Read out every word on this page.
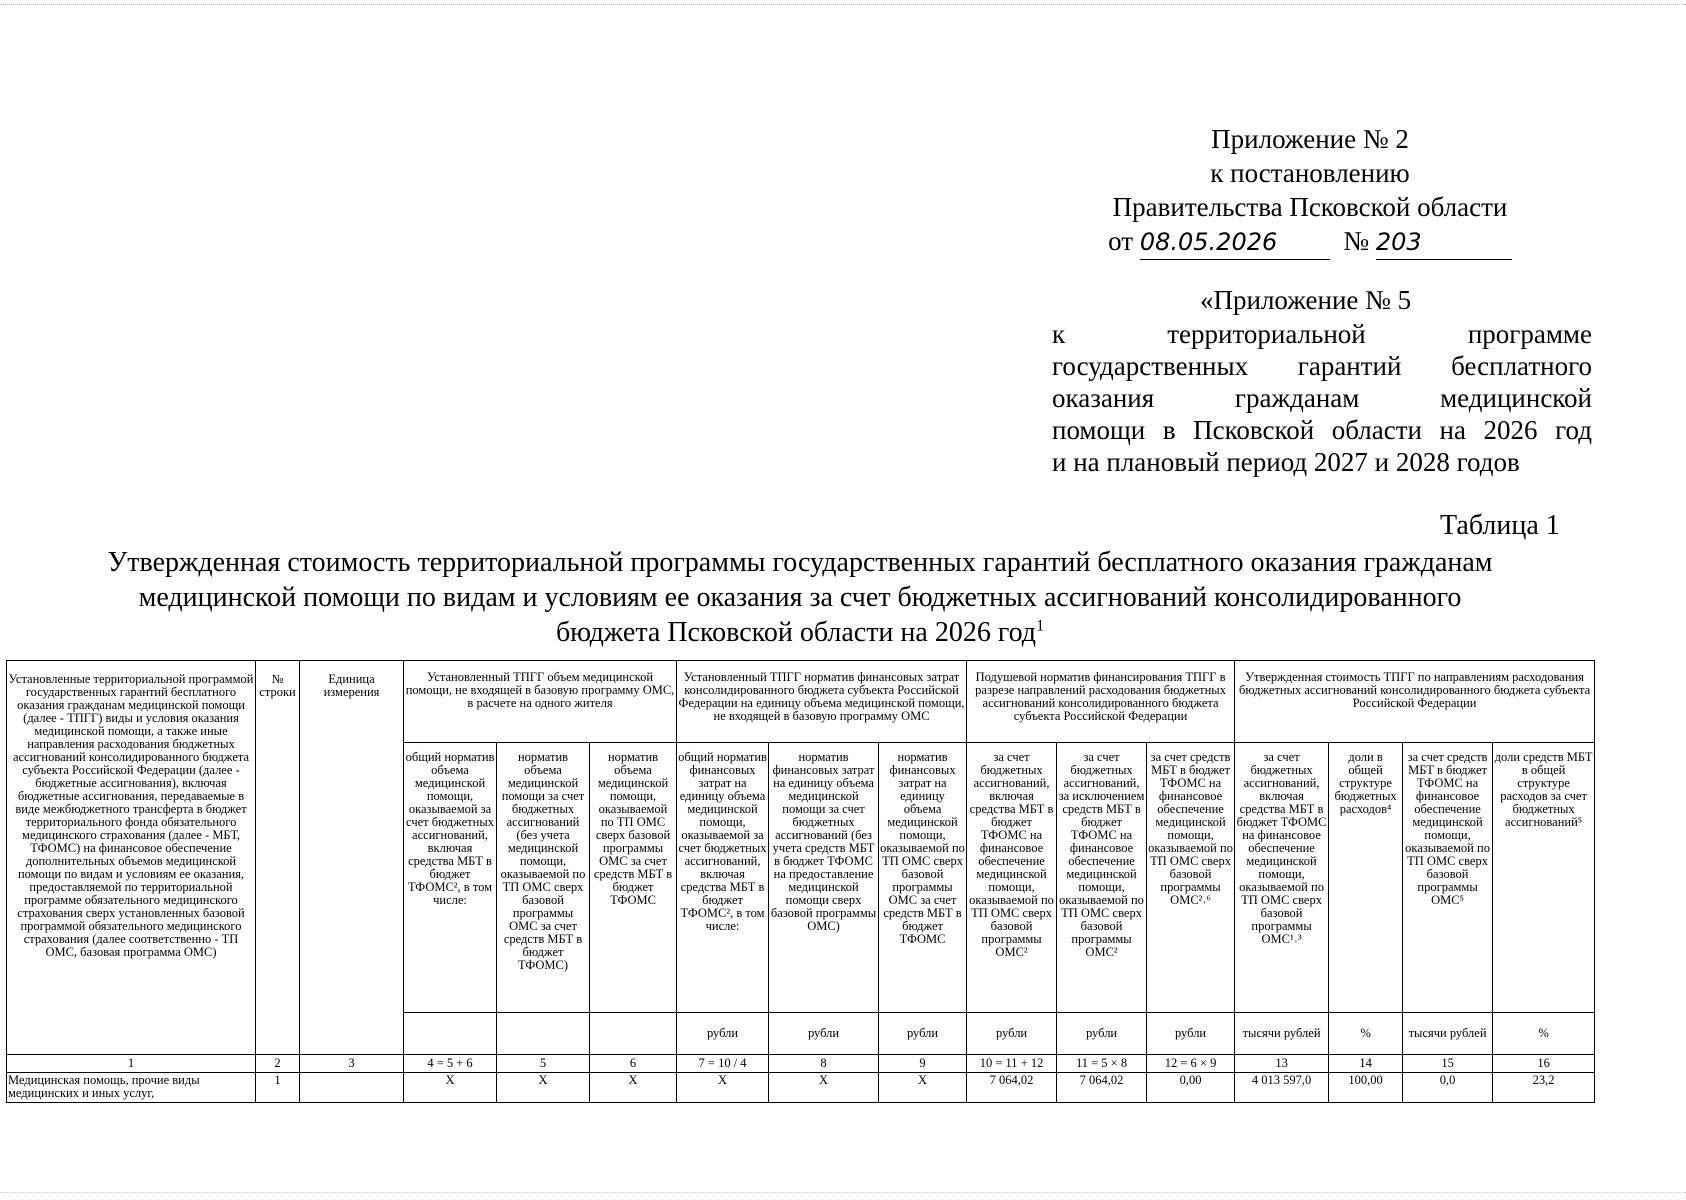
Приложение № 2
к постановлению
Правительства Псковской области
от 08.05.2026 № 203
«Приложение № 5
к территориальной программе
государственных гарантий бесплатного
оказания гражданам медицинской
помощи в Псковской области на 2026 год
и на плановый период 2027 и 2028 годов
Таблица 1
Утвержденная стоимость территориальной программы государственных гарантий бесплатного оказания гражданам
медицинской помощи по видам и условиям ее оказания за счет бюджетных ассигнований консолидированного
бюджета Псковской области на 2026 год$^1$
Установленные территориальной программой государственных гарантий бесплатного оказания гражданам медицинской помощи (далее - ТПГГ) виды и условия оказания медицинской помощи, а также иные направления расходования бюджетных ассигнований консолидированного бюджета субъекта Российской Федерации (далее - бюджетные ассигнования), включая бюджетные ассигнования, передаваемые в виде межбюджетного трансферта в бюджет территориального фонда обязательного медицинского страхования (далее - МБТ, ТФОМС) на финансовое обеспечение дополнительных объемов медицинской помощи по видам и условиям ее оказания, предоставляемой по территориальной программе обязательного медицинского страхования сверх установленных базовой программой обязательного медицинского страхования (далее соответственно - ТП ОМС, базовая программа ОМС)	№ строки	Единица измерения	Установленный ТПГГ объем медицинской помощи, не входящей в базовую программу ОМС, в расчете на одного жителя			Установленный ТПГГ норматив финансовых затрат консолидированного бюджета субъекта Российской Федерации на единицу объема медицинской помощи, не входящей в базовую программу ОМС			Подушевой норматив финансирования ТПГГ в разрезе направлений расходования бюджетных ассигнований консолидированного бюджета субъекта Российской Федерации			Утвержденная стоимость ТПГГ по направлениям расходования бюджетных ассигнований консолидированного бюджета субъекта Российской Федерации			
			общий норматив объема медицинской помощи, оказываемой за счет бюджетных ассигнований, включая средства МБТ в бюджет ТФОМС², в том числе:	норматив объема медицинской помощи за счет бюджетных ассигнований (без учета медицинской помощи, оказываемой по ТП ОМС сверх базовой программы ОМС за счет средств МБТ в бюджет ТФОМС)	норматив объема медицинской помощи, оказываемой по ТП ОМС сверх базовой программы ОМС за счет средств МБТ в бюджет ТФОМС	общий норматив финансовых затрат на единицу объема медицинской помощи, оказываемой за счет бюджетных ассигнований, включая средства МБТ в бюджет ТФОМС², в том числе:	норматив финансовых затрат на единицу объема медицинской помощи за счет бюджетных ассигнований (без учета средств МБТ в бюджет ТФОМС на предоставление медицинской помощи сверх базовой программы ОМС)	норматив финансовых затрат на единицу объема медицинской помощи, оказываемой по ТП ОМС сверх базовой программы ОМС за счет средств МБТ в бюджет ТФОМС	за счет бюджетных ассигнований, включая средства МБТ в бюджет ТФОМС на финансовое обеспечение медицинской помощи, оказываемой по ТП ОМС сверх базовой программы ОМС²	за счет бюджетных ассигнований, за исключением средств МБТ в бюджет ТФОМС на финансовое обеспечение медицинской помощи, оказываемой по ТП ОМС сверх базовой программы ОМС²	за счет средств МБТ в бюджет ТФОМС на финансовое обеспечение медицинской помощи, оказываемой по ТП ОМС сверх базовой программы ОМС²˒⁶	за счет бюджетных ассигнований, включая средства МБТ в бюджет ТФОМС на финансовое обеспечение медицинской помощи, оказываемой по ТП ОМС сверх базовой программы ОМС¹˒³	доли в общей структуре бюджетных расходов⁴	за счет средств МБТ в бюджет ТФОМС на финансовое обеспечение медицинской помощи, оказываемой по ТП ОМС сверх базовой программы ОМС⁵	доли средств МБТ в общей структуре расходов за счет бюджетных ассигнований⁵
						рубли	рубли	рубли	рубли	рубли	рубли	тысячи рублей	%	тысячи рублей	%
1	2	3	4 = 5 + 6	5	6	7 = 10 / 4	8	9	10 = 11 + 12	11 = 5 × 8	12 = 6 × 9	13	14	15	16
Медицинская помощь, прочие виды медицинских и иных услуг,	1		X	X	X	X	X	X	7 064,02	7 064,02	0,00	4 013 597,0	100,00	0,0	23,2
